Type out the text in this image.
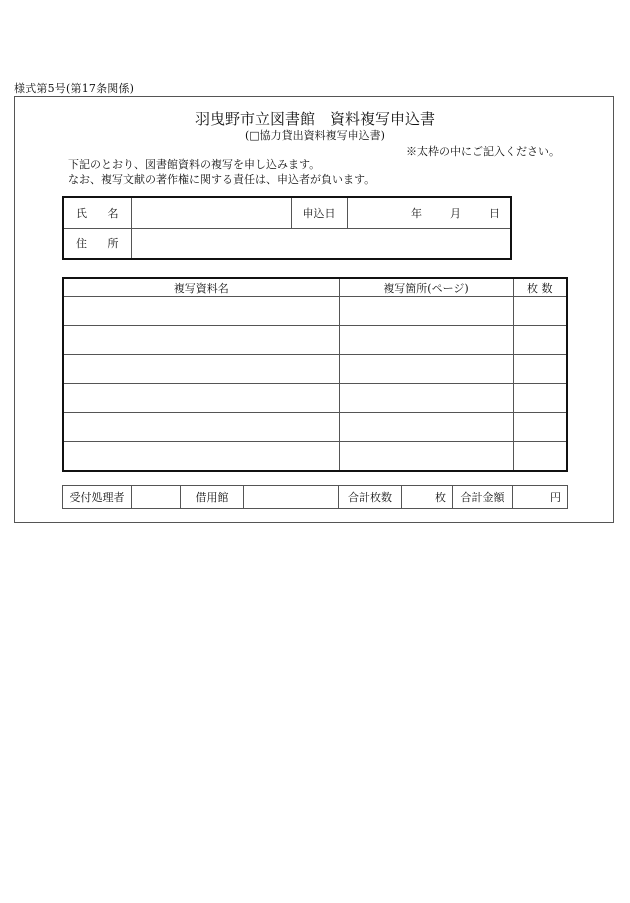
様式第5号(第17条関係)
羽曳野市立図書館　資料複写申込書
(□協力貸出資料複写申込書)
※太枠の中にご記入ください。
下記のとおり、図書館資料の複写を申し込みます。
なお、複写文献の著作権に関する責任は、申込者が負います。
氏　名		申込日	年 月 日
住　所			
複写資料名	複写箇所(ページ)	枚 数

受付処理者		借用館		合計枚数	枚	合計金額	円
